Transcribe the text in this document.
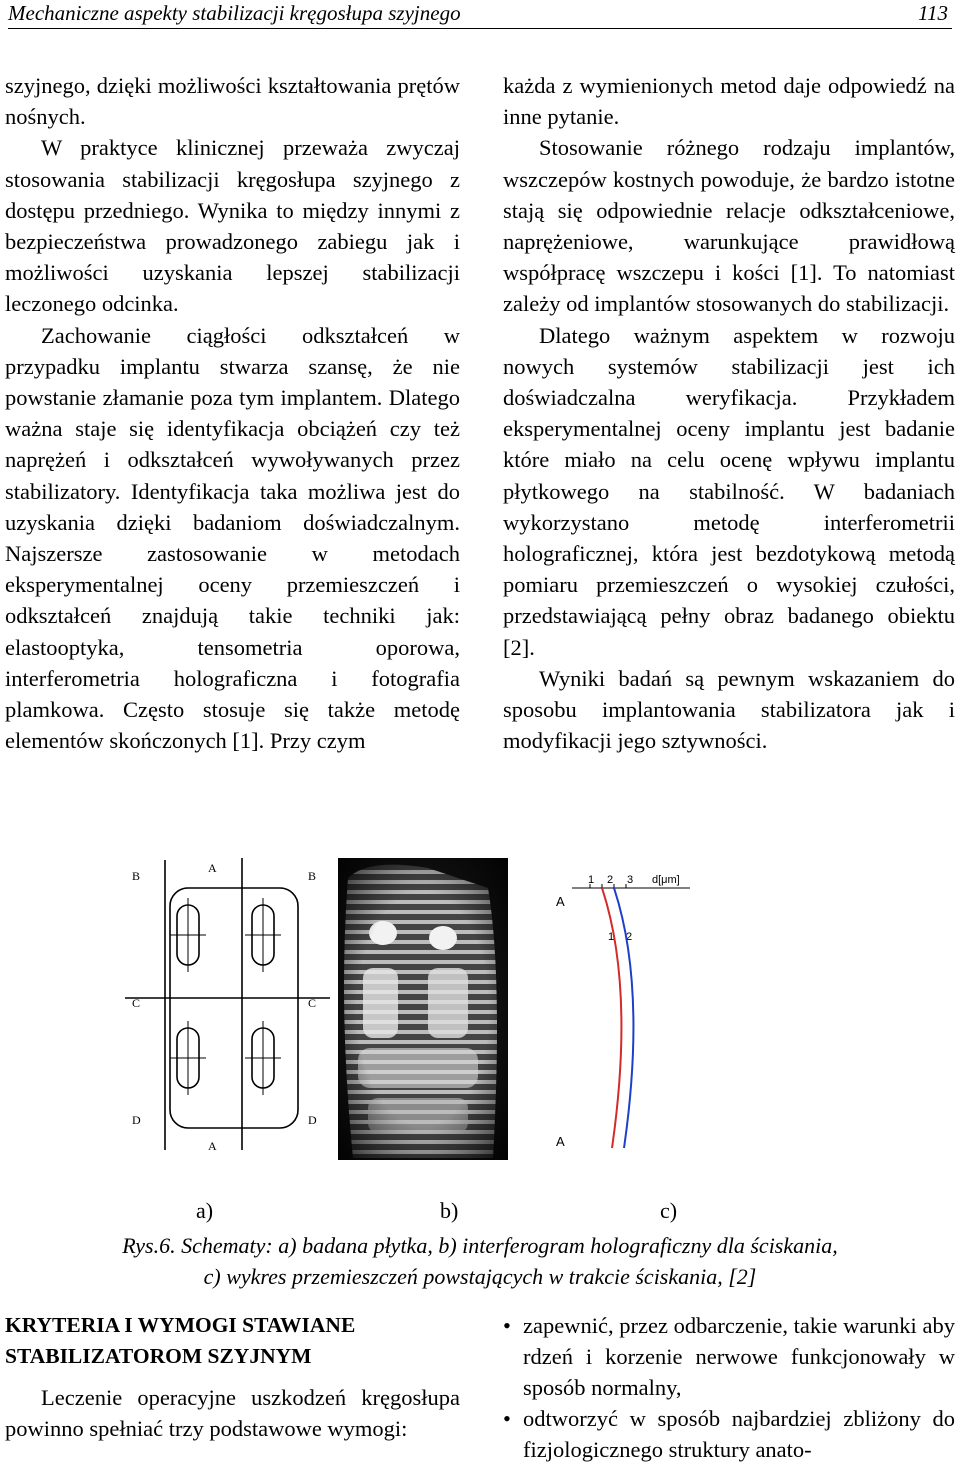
Mechaniczne aspekty stabilizacji kręgosłupa szyjnego	113

szyjnego, dzięki możliwości kształtowania prętów nośnych.

W praktyce klinicznej przeważa zwyczaj stosowania stabilizacji kręgosłupa szyjnego z dostępu przedniego. Wynika to między innymi z bezpieczeństwa prowadzonego zabiegu jak i możliwości uzyskania lepszej stabilizacji leczonego odcinka.

Zachowanie ciągłości odkształceń w przypadku implantu stwarza szansę, że nie powstanie złamanie poza tym implantem. Dlatego ważna staje się identyfikacja obciążeń czy też naprężeń i odkształceń wywoływanych przez stabilizatory. Identyfikacja taka możliwa jest do uzyskania dzięki badaniom doświadczalnym. Najszersze zastosowanie w metodach eksperymentalnej oceny przemieszczeń i odkształceń znajdują takie techniki jak: elastooptyka, tensometria oporowa, interferometria holograficzna i fotografia plamkowa. Często stosuje się także metodę elementów skończonych [1]. Przy czym

każda z wymienionych metod daje odpowiedź na inne pytanie.

Stosowanie różnego rodzaju implantów, wszczepów kostnych powoduje, że bardzo istotne stają się odpowiednie relacje odkształceniowe, naprężeniowe, warunkujące prawidłową współpracę wszczepu i kości [1]. To natomiast zależy od implantów stosowanych do stabilizacji.

Dlatego ważnym aspektem w rozwoju nowych systemów stabilizacji jest ich doświadczalna weryfikacja. Przykładem eksperymentalnej oceny implantu jest badanie które miało na celu ocenę wpływu implantu płytkowego na stabilność. W badaniach wykorzystano metodę interferometrii holograficznej, która jest bezdotykową metodą pomiaru przemieszczeń o wysokiej czułości, przedstawiającą pełny obraz badanego obiektu [2].

Wyniki badań są pewnym wskazaniem do sposobu implantowania stabilizatora jak i modyfikacji jego sztywności.

B
A
B
C	C
D	D
A
1 2 3 d[μm]
A
1 2
A
a)	b)	c)

Rys.6. Schematy: a) badana płytka, b) interferogram holograficzny dla ściskania,

c) wykres przemieszczeń powstających w trakcie ściskania, [2]

KRYTERIA I WYMOGI STAWIANE STABILIZATOROM SZYJNYM

Leczenie operacyjne uszkodzeń kręgosłupa powinno spełniać trzy podstawowe wymogi:

• zapewnić, przez odbarczenie, takie warunki aby rdzeń i korzenie nerwowe funkcjonowały w sposób normalny,
• odtworzyć w sposób najbardziej zbliżony do fizjologicznego struktury anato-
